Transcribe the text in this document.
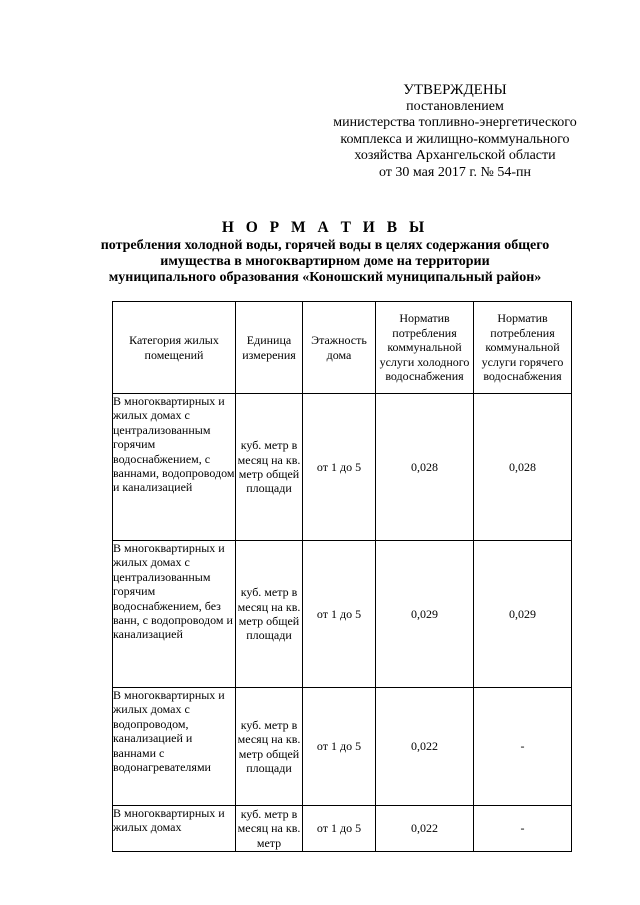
УТВЕРЖДЕНЫ
постановлением
министерства топливно-энергетического
комплекса и жилищно-коммунального
хозяйства Архангельской области
от 30 мая 2017 г. № 54-пн
Н О Р М А Т И В Ы
потребления холодной воды, горячей воды в целях содержания общего
имущества в многоквартирном доме на территории
муниципального образования «Коношский муниципальный район»
Категория жилых помещений	Единица измерения	Этажность дома	Норматив потребления коммунальной услуги холодного водоснабжения	Норматив потребления коммунальной услуги горячего водоснабжения

В многоквартирных и жилых домах с централизованным горячим водоснабжением, с ваннами, водопроводом и канализацией	куб. метр в месяц на кв. метр общей площади	от 1 до 5	0,028	0,028
В многоквартирных и жилых домах с централизованным горячим водоснабжением, без ванн, с водопроводом и канализацией	куб. метр в месяц на кв. метр общей площади	от 1 до 5	0,029	0,029
В многоквартирных и жилых домах с водопроводом, канализацией и ваннами с водонагревателями	куб. метр в месяц на кв. метр общей площади	от 1 до 5	0,022	-
В многоквартирных и жилых домах	куб. метр в месяц на кв. метр	от 1 до 5	0,022	-
